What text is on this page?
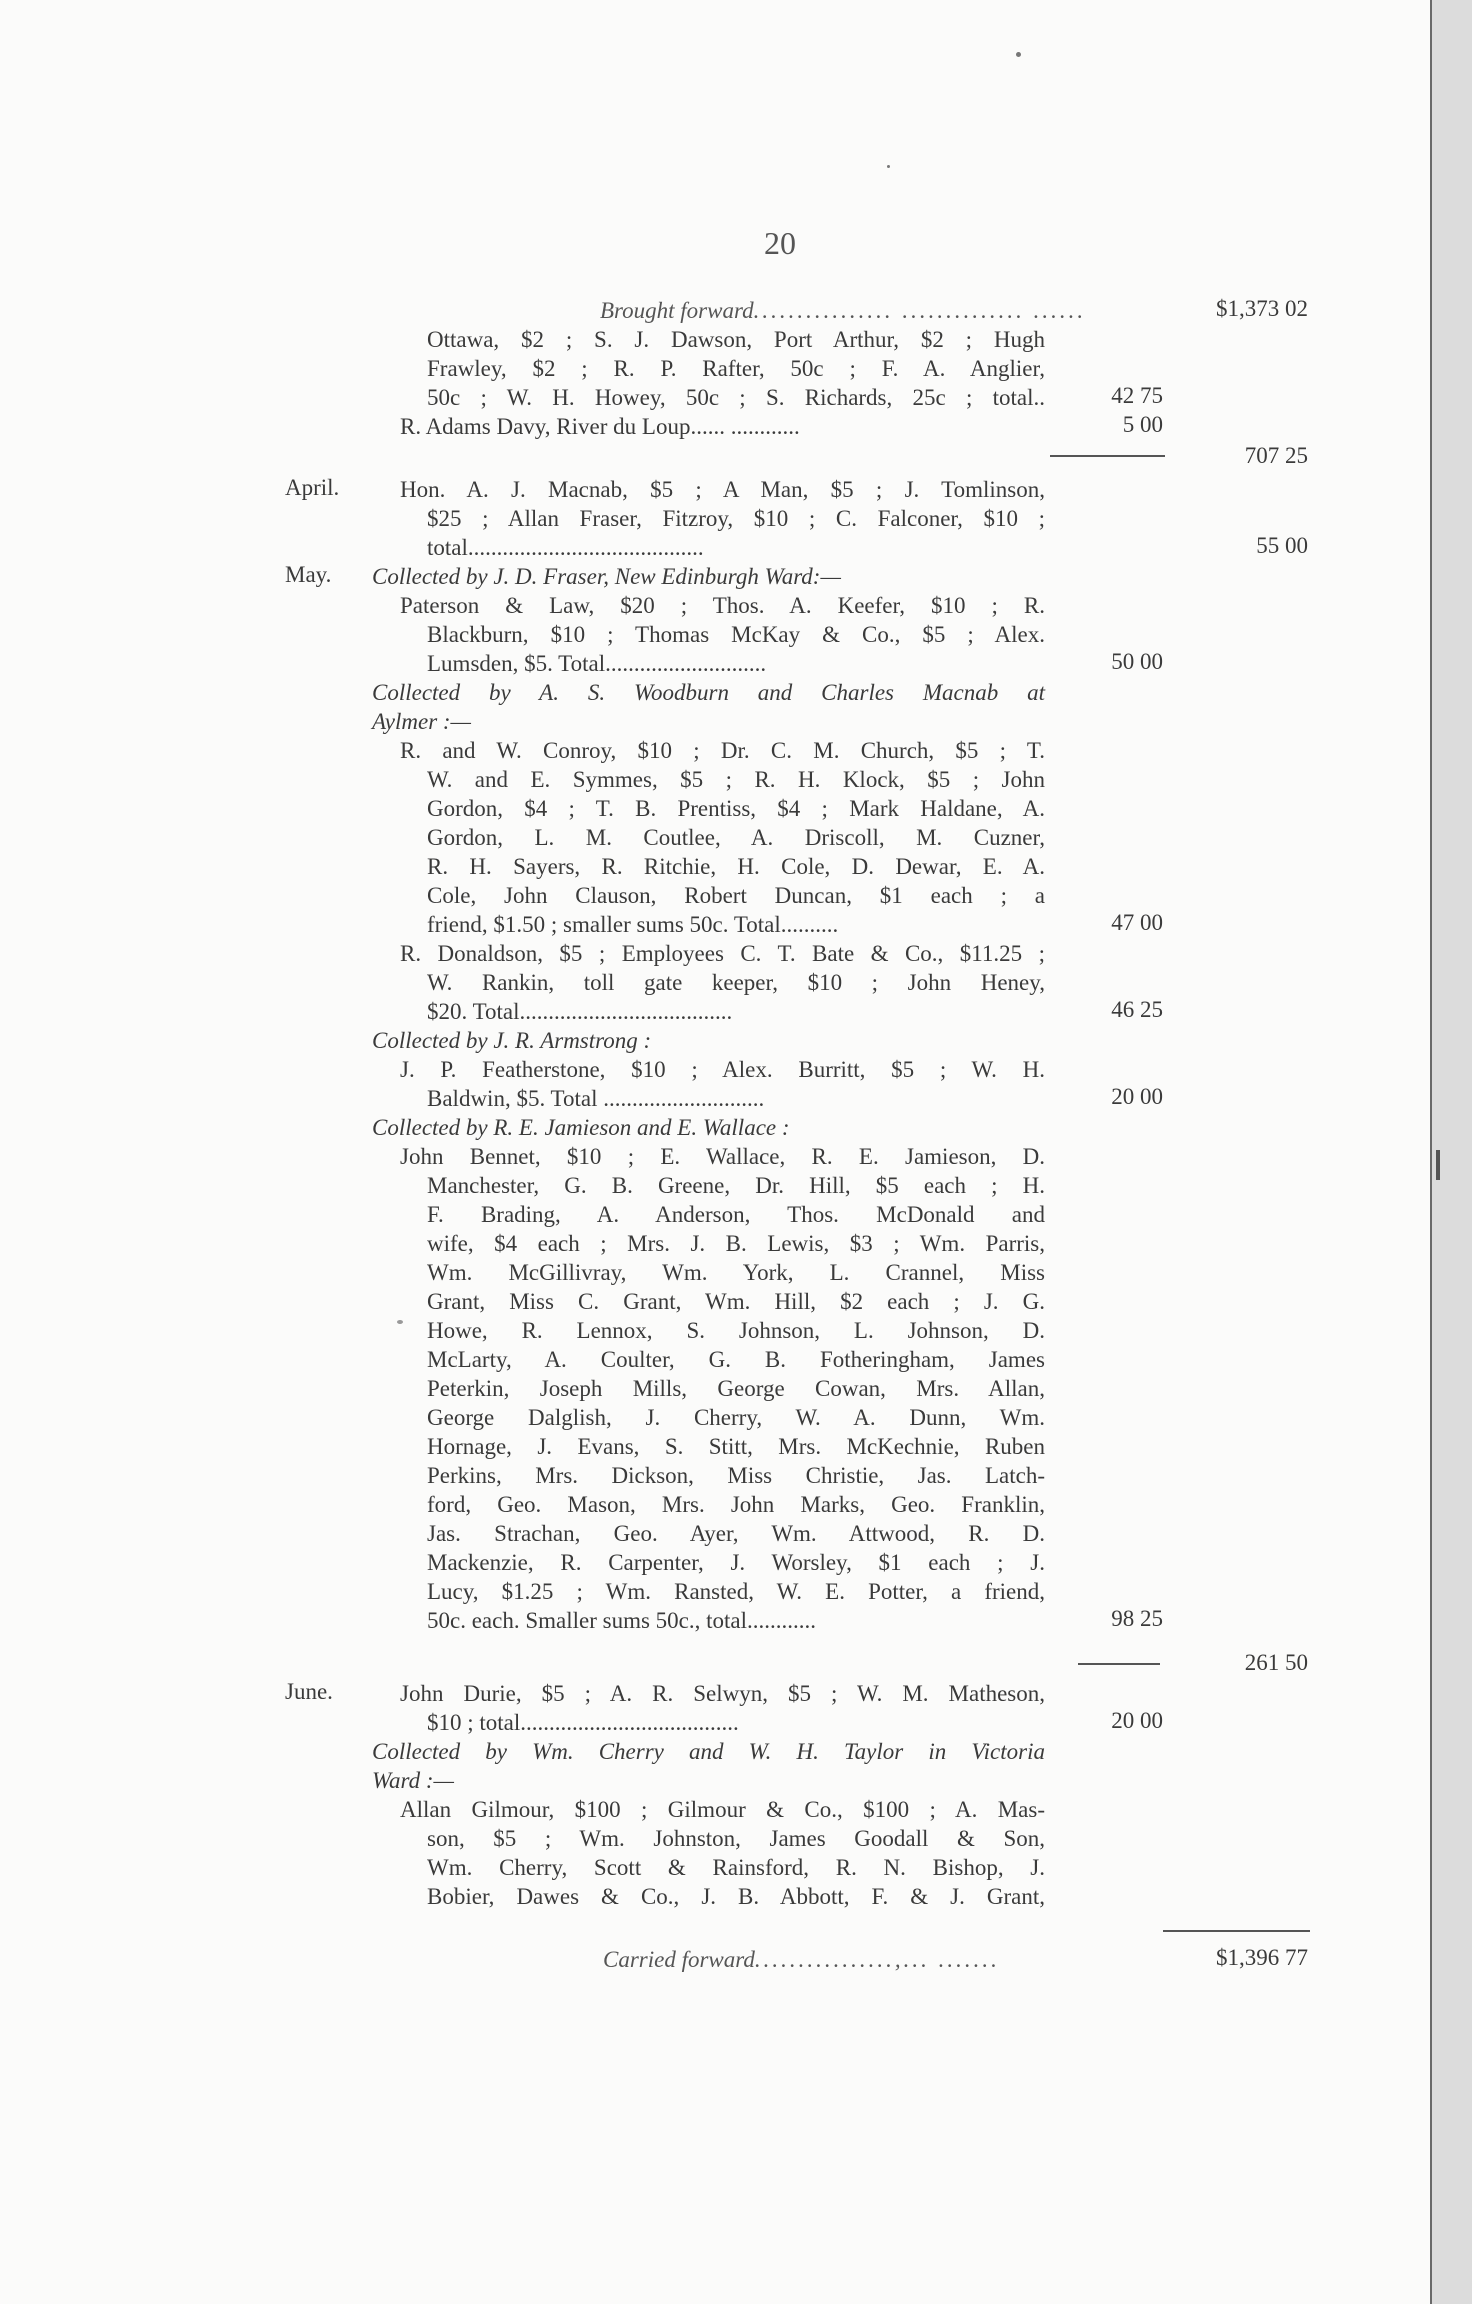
20
Brought forward................ .............. ......	$1,373 02
Ottawa, $2 ; S. J. Dawson, Port Arthur, $2 ; Hugh
Frawley, $2 ; R. P. Rafter, 50c ; F. A. Anglier,
50c ; W. H. Howey, 50c ; S. Richards, 25c ; total..	42 75
R. Adams Davy, River du Loup...... ............	5 00
707 25
April.	Hon. A. J. Macnab, $5 ; A Man, $5 ; J. Tomlinson,
$25 ; Allan Fraser, Fitzroy, $10 ; C. Falconer, $10 ;
total.........................................	55 00
May. Collected by J. D. Fraser, New Edinburgh Ward:—
Paterson & Law, $20 ; Thos. A. Keefer, $10 ; R.
Blackburn, $10 ; Thomas McKay & Co., $5 ; Alex.
Lumsden, $5. Total............................	50 00
Collected by A. S. Woodburn and Charles Macnab at
Aylmer :—
R. and W. Conroy, $10 ; Dr. C. M. Church, $5 ; T.
W. and E. Symmes, $5 ; R. H. Klock, $5 ; John
Gordon, $4 ; T. B. Prentiss, $4 ; Mark Haldane, A.
Gordon, L. M. Coutlee, A. Driscoll, M. Cuzner,
R. H. Sayers, R. Ritchie, H. Cole, D. Dewar, E. A.
Cole, John Clauson, Robert Duncan, $1 each ; a
friend, $1.50 ; smaller sums 50c. Total..........	47 00
R. Donaldson, $5 ; Employees C. T. Bate & Co., $11.25 ;
W. Rankin, toll gate keeper, $10 ; John Heney,
$20. Total.....................................	46 25
Collected by J. R. Armstrong :
J. P. Featherstone, $10 ; Alex. Burritt, $5 ; W. H.
Baldwin, $5. Total ............................	20 00
Collected by R. E. Jamieson and E. Wallace :
John Bennet, $10 ; E. Wallace, R. E. Jamieson, D.
Manchester, G. B. Greene, Dr. Hill, $5 each ; H.
F. Brading, A. Anderson, Thos. McDonald and
wife, $4 each ; Mrs. J. B. Lewis, $3 ; Wm. Parris,
Wm. McGillivray, Wm. York, L. Crannel, Miss
Grant, Miss C. Grant, Wm. Hill, $2 each ; J. G.
Howe, R. Lennox, S. Johnson, L. Johnson, D.
McLarty, A. Coulter, G. B. Fotheringham, James
Peterkin, Joseph Mills, George Cowan, Mrs. Allan,
George Dalglish, J. Cherry, W. A. Dunn, Wm.
Hornage, J. Evans, S. Stitt, Mrs. McKechnie, Ruben
Perkins, Mrs. Dickson, Miss Christie, Jas. Latch-
ford, Geo. Mason, Mrs. John Marks, Geo. Franklin,
Jas. Strachan, Geo. Ayer, Wm. Attwood, R. D.
Mackenzie, R. Carpenter, J. Worsley, $1 each ; J.
Lucy, $1.25 ; Wm. Ransted, W. E. Potter, a friend,
50c. each. Smaller sums 50c., total............	98 25
261 50
June.	John Durie, $5 ; A. R. Selwyn, $5 ; W. M. Matheson,
$10 ; total......................................	20 00
Collected by Wm. Cherry and W. H. Taylor in Victoria
Ward :—
Allan Gilmour, $100 ; Gilmour & Co., $100 ; A. Mas-
son, $5 ; Wm. Johnston, James Goodall & Son,
Wm. Cherry, Scott & Rainsford, R. N. Bishop, J.
Bobier, Dawes & Co., J. B. Abbott, F. & J. Grant,
Carried forward................,... .......	$1,396 77
